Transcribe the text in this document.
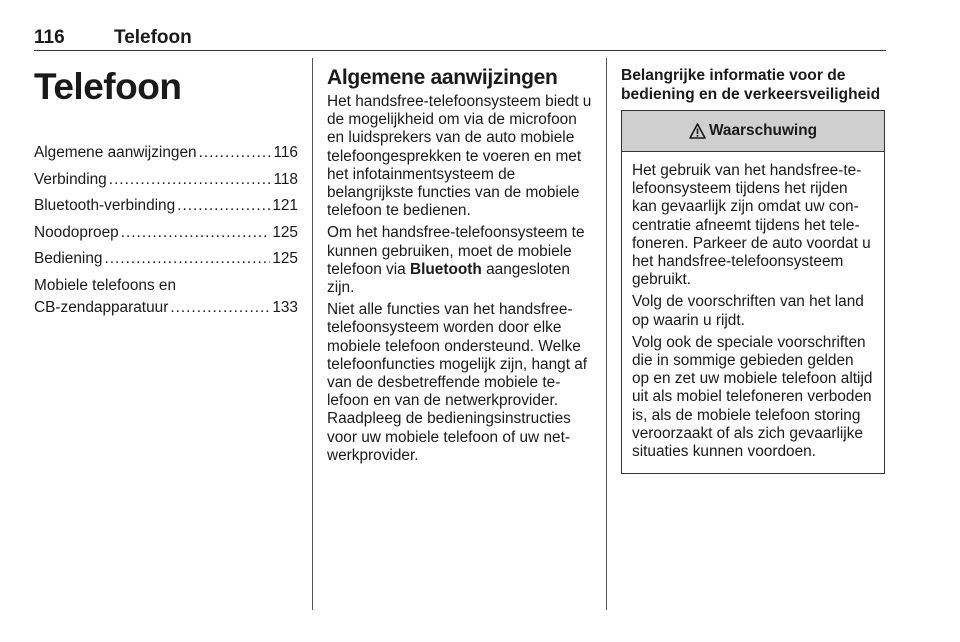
116	Telefoon
Telefoon
Algemene aanwijzingen .....	116
Verbinding .....	118
Bluetooth-verbinding .....	121
Noodoproep .....	125
Bediening .....	125
Mobiele telefoons en
CB-zendapparatuur .....	133
Algemene aanwijzingen

Het handsfree-telefoonsysteem biedt u de mogelijkheid om via de microfoon en luidsprekers van de auto mobiele telefoongesprekken te voeren en met het infotainmentsysteem de belangrijkste functies van de mobiele telefoon te bedienen.

Om het handsfree-telefoonsysteem te kunnen gebruiken, moet de mobiele telefoon via Bluetooth aangesloten zijn.

Niet alle functies van het handsfree-telefoonsysteem worden door elke mobiele telefoon ondersteund. Welke telefoonfuncties mogelijk zijn, hangt af van de desbetreffende mobiele telefoon en van de netwerkprovider. Raadpleeg de bedieningsinstructies voor uw mobiele telefoon of uw netwerkprovider.

Belangrijke informatie voor de bediening en de verkeersveiligheid
Waarschuwing

Het gebruik van het handsfree-telefoonsysteem tijdens het rijden kan gevaarlijk zijn omdat uw concentratie afneemt tijdens het telefoneren. Parkeer de auto voordat u het handsfree-telefoonsysteem gebruikt.

Volg de voorschriften van het land op waarin u rijdt.

Volg ook de speciale voorschriften die in sommige gebieden gelden op en zet uw mobiele telefoon altijd uit als mobiel telefoneren verboden is, als de mobiele telefoon storing veroorzaakt of als zich gevaarlijke situaties kunnen voordoen.
